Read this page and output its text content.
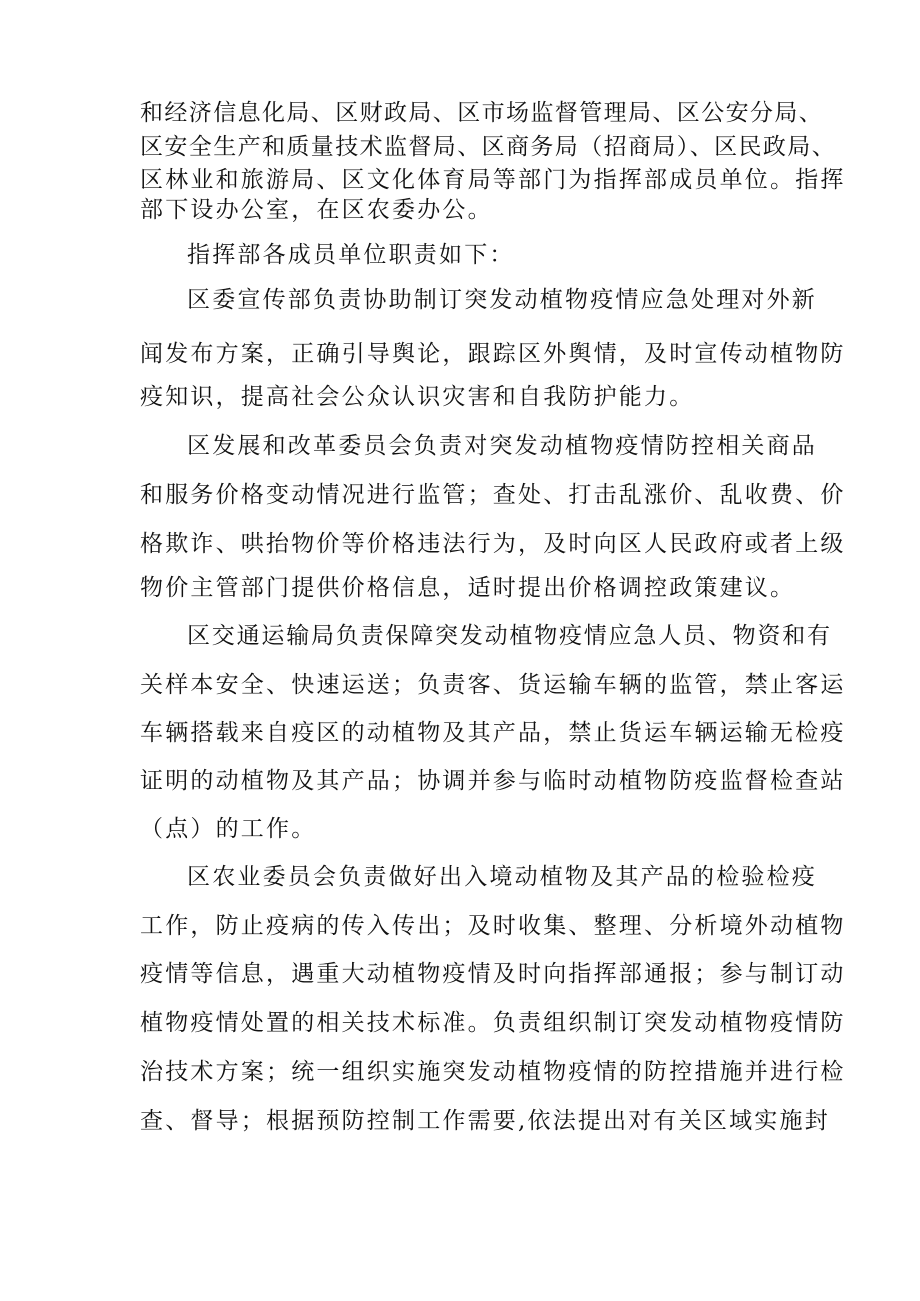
和经济信息化局、区财政局、区市场监督管理局、区公安分局、
区安全生产和质量技术监督局、区商务局（招商局）、区民政局、
区林业和旅游局、区文化体育局等部门为指挥部成员单位。指挥
部下设办公室，在区农委办公。
指挥部各成员单位职责如下：
区委宣传部负责协助制订突发动植物疫情应急处理对外新
闻发布方案，正确引导舆论，跟踪区外舆情，及时宣传动植物防
疫知识，提高社会公众认识灾害和自我防护能力。
区发展和改革委员会负责对突发动植物疫情防控相关商品
和服务价格变动情况进行监管；查处、打击乱涨价、乱收费、价
格欺诈、哄抬物价等价格违法行为，及时向区人民政府或者上级
物价主管部门提供价格信息，适时提出价格调控政策建议。
区交通运输局负责保障突发动植物疫情应急人员、物资和有
关样本安全、快速运送；负责客、货运输车辆的监管，禁止客运
车辆搭载来自疫区的动植物及其产品，禁止货运车辆运输无检疫
证明的动植物及其产品；协调并参与临时动植物防疫监督检查站
（点）的工作。
区农业委员会负责做好出入境动植物及其产品的检验检疫
工作，防止疫病的传入传出；及时收集、整理、分析境外动植物
疫情等信息，遇重大动植物疫情及时向指挥部通报；参与制订动
植物疫情处置的相关技术标准。负责组织制订突发动植物疫情防
治技术方案；统一组织实施突发动植物疫情的防控措施并进行检
查、督导；根据预防控制工作需要,依法提出对有关区域实施封
